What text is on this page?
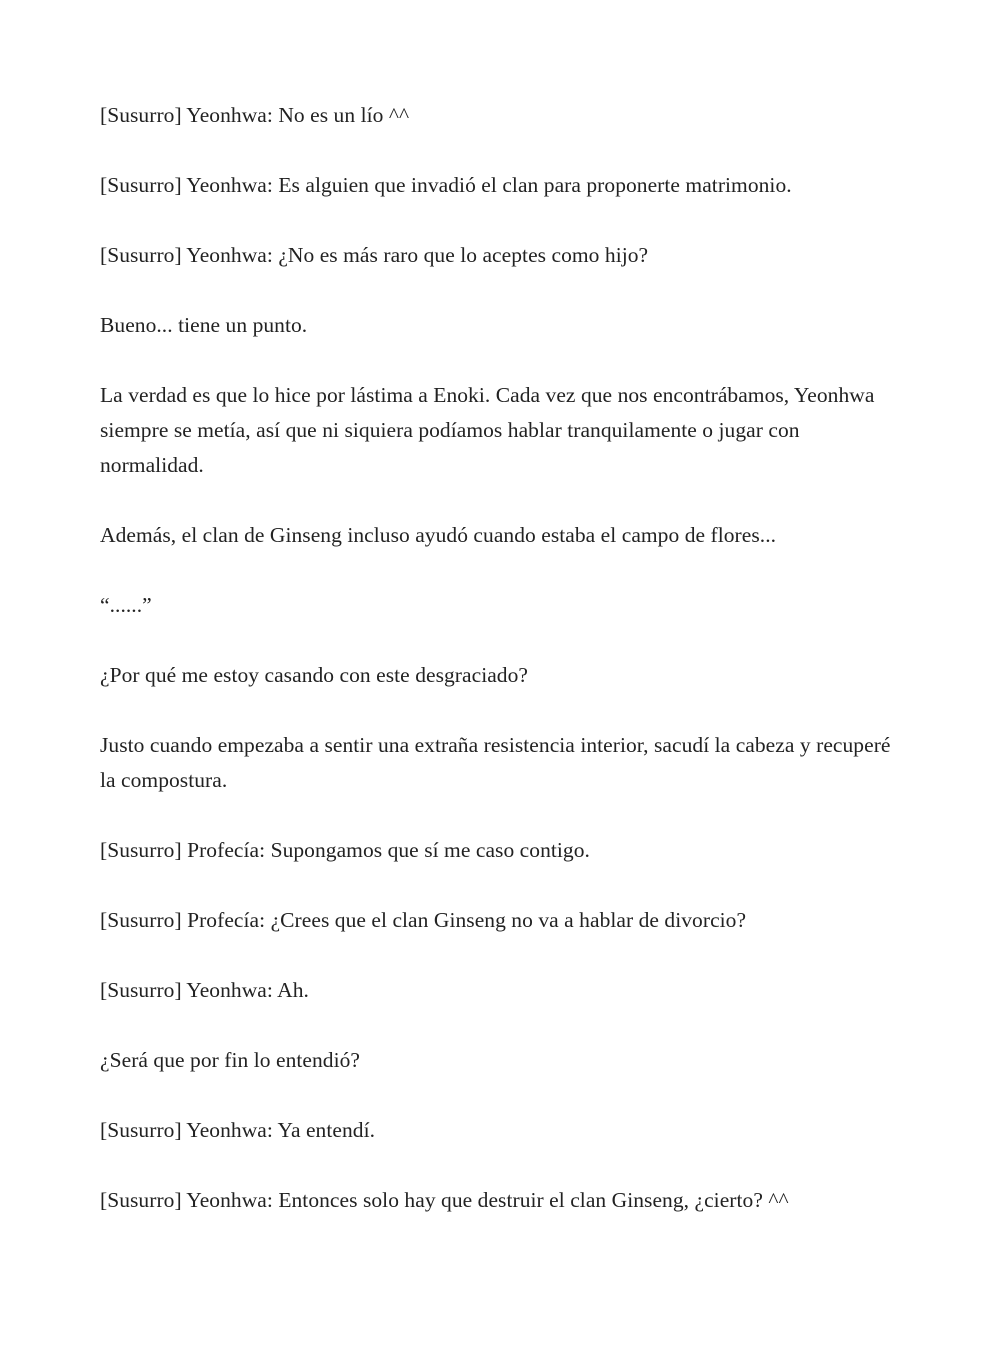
[Susurro] Yeonhwa: No es un lío ^^

[Susurro] Yeonhwa: Es alguien que invadió el clan para proponerte matrimonio.

[Susurro] Yeonhwa: ¿No es más raro que lo aceptes como hijo?

Bueno... tiene un punto.

La verdad es que lo hice por lástima a Enoki. Cada vez que nos encontrábamos, Yeonhwa siempre se metía, así que ni siquiera podíamos hablar tranquilamente o jugar con normalidad.

Además, el clan de Ginseng incluso ayudó cuando estaba el campo de flores...

“......”

¿Por qué me estoy casando con este desgraciado?

Justo cuando empezaba a sentir una extraña resistencia interior, sacudí la cabeza y recuperé la compostura.

[Susurro] Profecía: Supongamos que sí me caso contigo.

[Susurro] Profecía: ¿Crees que el clan Ginseng no va a hablar de divorcio?

[Susurro] Yeonhwa: Ah.

¿Será que por fin lo entendió?

[Susurro] Yeonhwa: Ya entendí.

[Susurro] Yeonhwa: Entonces solo hay que destruir el clan Ginseng, ¿cierto? ^^
